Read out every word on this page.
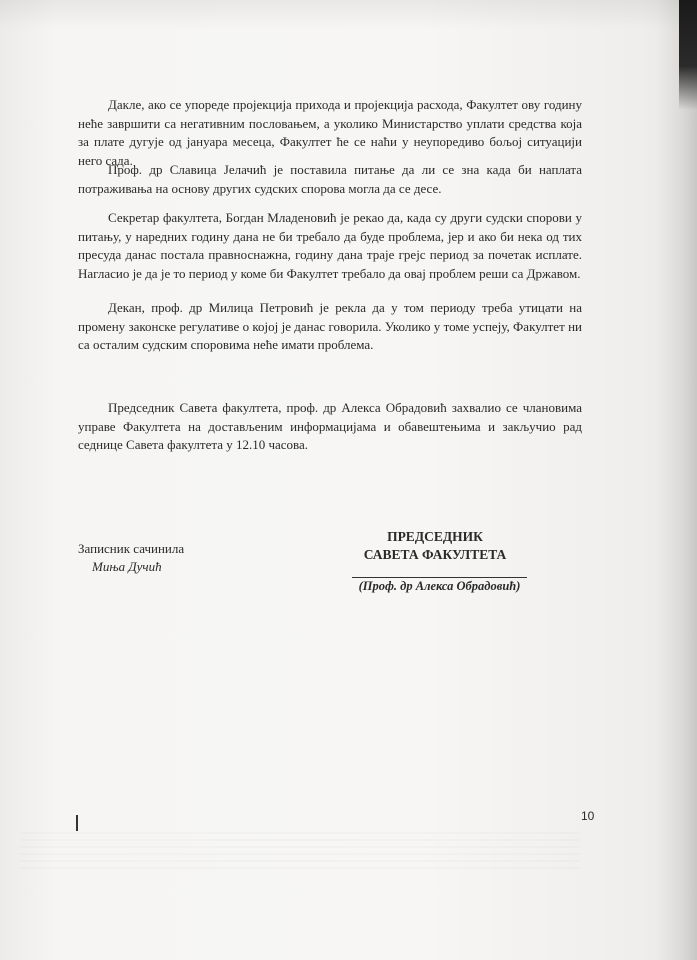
Дакле, ако се упореде пројекција прихода и пројекција расхода, Факултет ову годину неће завршити са негативним пословањем, а уколико Министарство уплати средства која за плате дугује од јануара месеца, Факултет ће се наћи у неупоредиво бољој ситуацији него сада.

Проф. др Славица Јелачић је поставила питање да ли се зна када би наплата потраживања на основу других судских спорова могла да се десе.

Секретар факултета, Богдан Младеновић је рекао да, када су други судски спорови у питању, у наредних годину дана не би требало да буде проблема, јер и ако би нека од тих пресуда данас постала правноснажна, годину дана траје грејс период за почетак исплате. Нагласио је да је то период у коме би Факултет требало да овај проблем реши са Државом.

Декан, проф. др Милица Петровић је рекла да у том периоду треба утицати на промену законске регулативе о којој је данас говорила. Уколико у томе успеју, Факултет ни са осталим судским споровима неће имати проблема.

Председник Савета факултета, проф. др Алекса Обрадовић захвалио се члановима управе Факултета на достављеним информацијама и обавештењима и закључио рад седнице Савета факултета у 12.10 часова.

Записник сачинила
Мињa Дучић
ПРЕДСЕДНИК
САВЕТА ФАКУЛТЕТА
(Проф. др Алекса Обрадовић)
10
